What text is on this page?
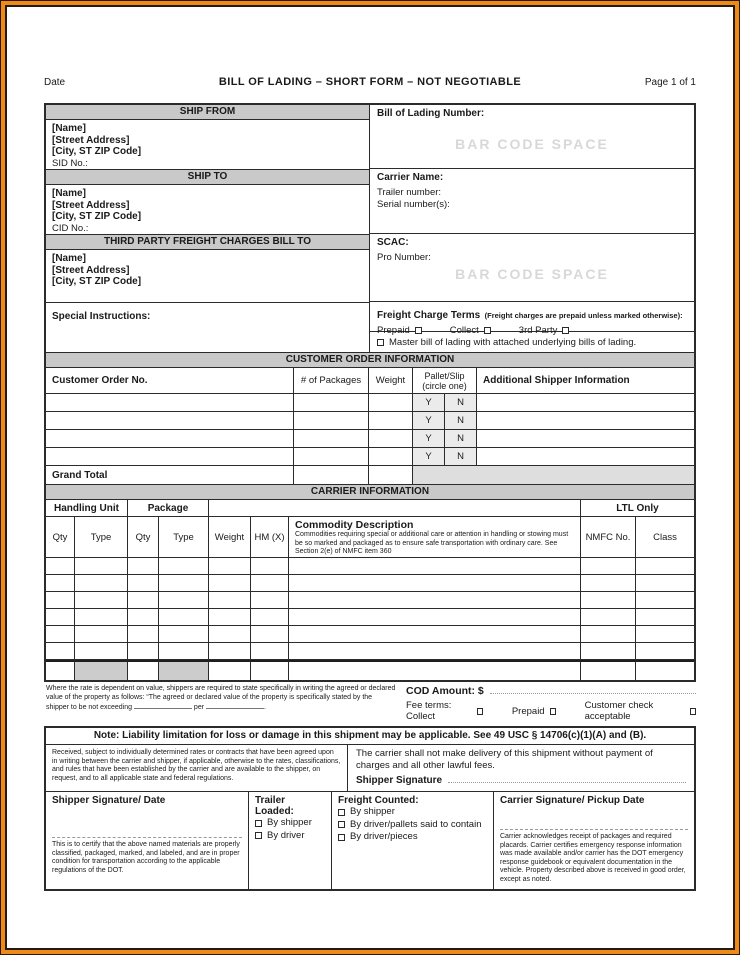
Date	BILL OF LADING – SHORT FORM – NOT NEGOTIABLE	Page 1 of 1
SHIP FROM
[Name]
[Street Address]
[City, ST ZIP Code]
SID No.:
SHIP TO
[Name]
[Street Address]
[City, ST ZIP Code]
CID No.:
THIRD PARTY FREIGHT CHARGES BILL TO
[Name]
[Street Address]
[City, ST ZIP Code]
Special Instructions:
Bill of Lading Number:
BAR CODE SPACE
Carrier Name:
Trailer number:
Serial number(s):
SCAC:
Pro Number:
BAR CODE SPACE
Freight Charge Terms (Freight charges are prepaid unless marked otherwise):
Prepaid	Collect	3rd Party
Master bill of lading with attached underlying bills of lading.
CUSTOMER ORDER INFORMATION
Customer Order No.	# of Packages	Weight	Pallet/Slip
(circle one)	Additional Shipper Information
Y	N
Y	N
Y	N
Y	N
Grand Total
CARRIER INFORMATION
Handling Unit	Package	LTL Only
Qty	Type	Qty	Type	Weight	HM (X)
Commodity Description
Commodities requiring special or additional care or attention in handling or stowing must be so marked and packaged as to ensure safe transportation with ordinary care. See Section 2(e) of NMFC item 360
NMFC No.	Class
Where the rate is dependent on value, shippers are required to state specifically in writing the agreed or declared value of the property as follows: “The agreed or declared value of the property is specifically stated by the shipper to be not exceeding	per	.
COD Amount: $
Fee terms: Collect	Prepaid	Customer check acceptable
Note: Liability limitation for loss or damage in this shipment may be applicable. See 49 USC § 14706(c)(1)(A) and (B).
Received, subject to individually determined rates or contracts that have been agreed upon in writing between the carrier and shipper, if applicable, otherwise to the rates, classifications, and rules that have been established by the carrier and are available to the shipper, on request, and to all applicable state and federal regulations.
The carrier shall not make delivery of this shipment without payment of charges and all other lawful fees.
Shipper Signature
Shipper Signature/ Date
This is to certify that the above named materials are properly classified, packaged, marked, and labeled, and are in proper condition for transportation according to the applicable regulations of the DOT.
Trailer Loaded:
By shipper
By driver
Freight Counted:
By shipper
By driver/pallets said to contain
By driver/pieces
Carrier Signature/ Pickup Date
Carrier acknowledges receipt of packages and required placards. Carrier certifies emergency response information was made available and/or carrier has the DOT emergency response guidebook or equivalent documentation in the vehicle. Property described above is received in good order, except as noted.
